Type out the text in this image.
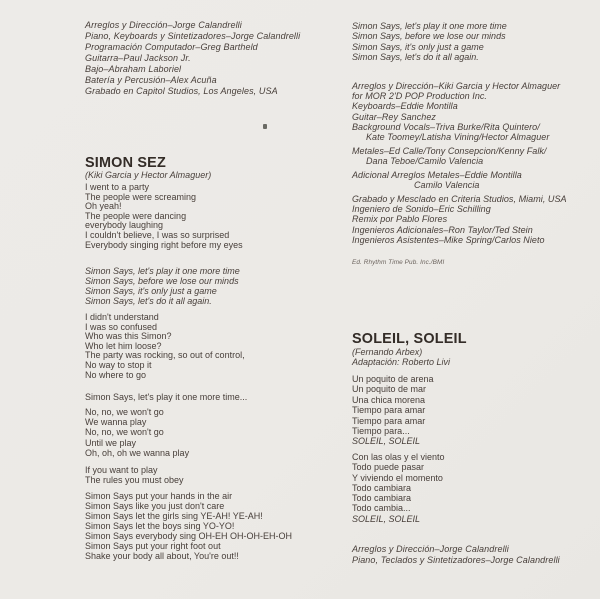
Arreglos y Dirección–Jorge Calandrelli
Piano, Keyboards y Sintetizadores–Jorge Calandrelli
Programación Computador–Greg Bartheld
Guitarra–Paul Jackson Jr.
Bajo–Abraham Laboriel
Batería y Percusión–Alex Acuña
Grabado en Capitol Studios, Los Angeles, USA
SIMON SEZ
(Kiki Garcia y Hector Almaguer)
I went to a party
The people were screaming
Oh yeah!
The people were dancing
everybody laughing
I couldn't believe, I was so surprised
Everybody singing right before my eyes
Simon Says, let's play it one more time
Simon Says, before we lose our minds
Simon Says, it's only just a game
Simon Says, let's do it all again.
I didn't understand
I was so confused
Who was this Simon?
Who let him loose?
The party was rocking, so out of control,
No way to stop it
No where to go
Simon Says, let's play it one more time...
No, no, we won't go
We wanna play
No, no, we won't go
Until we play
Oh, oh, oh we wanna play
If you want to play
The rules you must obey
Simon Says put your hands in the air
Simon Says like you just don't care
Simon Says let the girls sing YE-AH! YE-AH!
Simon Says let the boys sing YO-YO!
Simon Says everybody sing OH-EH OH-OH-EH-OH
Simon Says put your right foot out
Shake your body all about, You're out!!
Simon Says, let's play it one more time
Simon Says, before we lose our minds
Simon Says, it's only just a game
Simon Says, let's do it all again.
Arreglos y Dirección–Kiki Garcia y Hector Almaguer
for MOR 2'D POP Production Inc.
Keyboards–Eddie Montilla
Guitar–Rey Sanchez
Background Vocals–Triva Burke/Rita Quintero/
Kate Toomey/Latisha Vining/Hector Almaguer
Metales–Ed Calle/Tony Consepcion/Kenny Falk/
Dana Teboe/Camilo Valencia
Adicional Arreglos Metales–Eddie Montilla
Camilo Valencia
Grabado y Mesclado en Criteria Studios, Miami, USA
Ingeniero de Sonido–Eric Schilling
Remix por Pablo Flores
Ingenieros Adicionales–Ron Taylor/Ted Stein
Ingenieros Asistentes–Mike Spring/Carlos Nieto
Ed. Rhythm Time Pub. Inc./BMI
SOLEIL, SOLEIL
(Fernando Arbex)
Adaptación: Roberto Livi
Un poquito de arena
Un poquito de mar
Una chica morena
Tiempo para amar
Tiempo para amar
Tiempo para...
SOLEIL, SOLEIL
Con las olas y el viento
Todo puede pasar
Y viviendo el momento
Todo cambiara
Todo cambiara
Todo cambia...
SOLEIL, SOLEIL
Arreglos y Dirección–Jorge Calandrelli
Piano, Teclados y Sintetizadores–Jorge Calandrelli
